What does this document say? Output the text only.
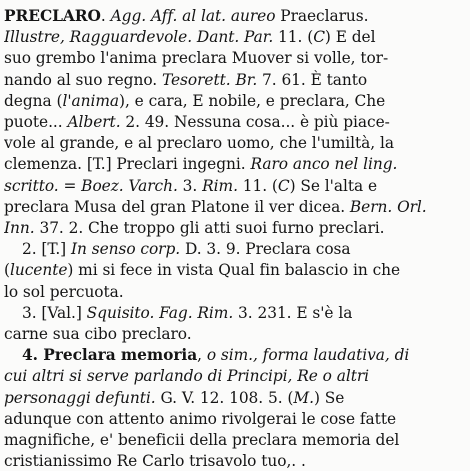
PRECLARO. Agg. Aff. al lat. aureo Praeclarus.
Illustre, Ragguardevole. Dant. Par. 11. (C) E del
suo grembo l'anima preclara Muover si volle, tor-
nando al suo regno. Tesorett. Br. 7. 61. È tanto
degna (l'anima), e cara, E nobile, e preclara, Che
puote... Albert. 2. 49. Nessuna cosa... è più piace-
vole al grande, e al preclaro uomo, che l'umiltà, la
clemenza. [T.] Preclari ingegni. Raro anco nel ling.
scritto. = Boez. Varch. 3. Rim. 11. (C) Se l'alta e
preclara Musa del gran Platone il ver dicea. Bern. Orl.
Inn. 37. 2. Che troppo gli atti suoi furno preclari.
2. [T.] In senso corp. D. 3. 9. Preclara cosa
(lucente) mi si fece in vista Qual fin balascio in che
lo sol percuota.
3. [Val.] Squisito. Fag. Rim. 3. 231. E s'è la
carne sua cibo preclaro.
4. Preclara memoria, o sim., forma laudativa, di
cui altri si serve parlando di Principi, Re o altri
personaggi defunti. G. V. 12. 108. 5. (M.) Se
adunque con attento animo rivolgerai le cose fatte
magnifiche, e' beneficii della preclara memoria del
cristianissimo Re Carlo trisavolo tuo,. .
